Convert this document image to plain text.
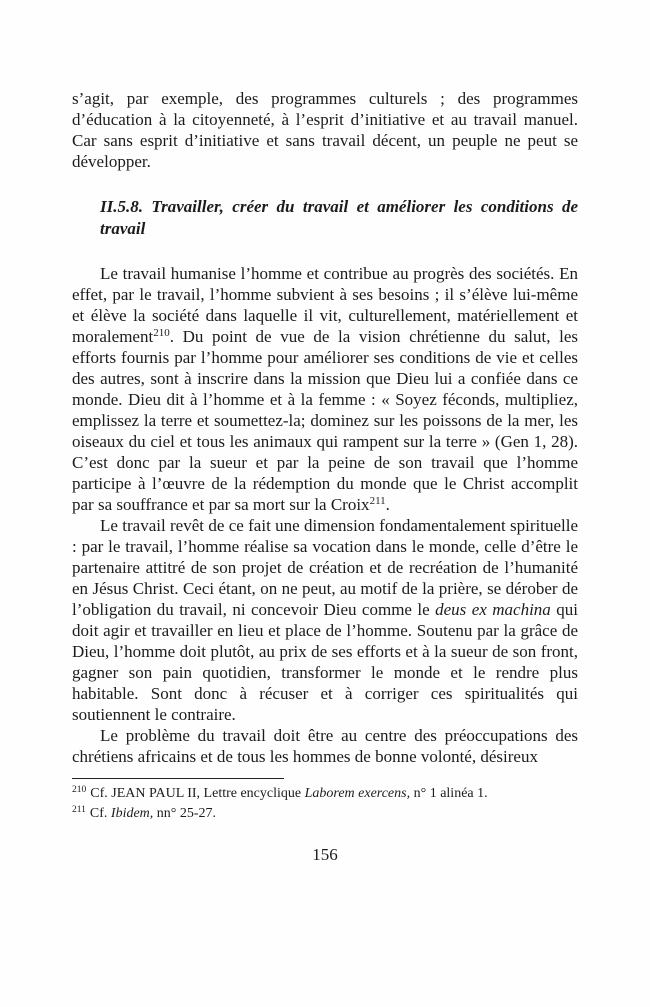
s’agit, par exemple, des programmes culturels ; des programmes d’éducation à la citoyenneté, à l’esprit d’initiative et au travail manuel. Car sans esprit d’initiative et sans travail décent, un peuple ne peut se développer.

II.5.8. Travailler, créer du travail et améliorer les conditions de travail

Le travail humanise l’homme et contribue au progrès des sociétés. En effet, par le travail, l’homme subvient à ses besoins ; il s’élève lui-même et élève la société dans laquelle il vit, culturellement, matériellement et moralement$^{210}$. Du point de vue de la vision chrétienne du salut, les efforts fournis par l’homme pour améliorer ses conditions de vie et celles des autres, sont à inscrire dans la mission que Dieu lui a confiée dans ce monde. Dieu dit à l’homme et à la femme : « Soyez féconds, multipliez, emplissez la terre et soumettez-la; dominez sur les poissons de la mer, les oiseaux du ciel et tous les animaux qui rampent sur la terre » (Gen 1, 28). C’est donc par la sueur et par la peine de son travail que l’homme participe à l’œuvre de la rédemption du monde que le Christ accomplit par sa souffrance et par sa mort sur la Croix$^{211}$.

Le travail revêt de ce fait une dimension fondamentalement spirituelle : par le travail, l’homme réalise sa vocation dans le monde, celle d’être le partenaire attitré de son projet de création et de recréation de l’humanité en Jésus Christ. Ceci étant, on ne peut, au motif de la prière, se dérober de l’obligation du travail, ni concevoir Dieu comme le deus ex machina qui doit agir et travailler en lieu et place de l’homme. Soutenu par la grâce de Dieu, l’homme doit plutôt, au prix de ses efforts et à la sueur de son front, gagner son pain quotidien, transformer le monde et le rendre plus habitable. Sont donc à récuser et à corriger ces spiritualités qui soutiennent le contraire.

Le problème du travail doit être au centre des préoccupations des chrétiens africains et de tous les hommes de bonne volonté, désireux

$^{210}$ Cf. JEAN PAUL II, Lettre encyclique Laborem exercens, n° 1 alinéa 1.

$^{211}$ Cf. Ibidem, nn° 25-27.

156
